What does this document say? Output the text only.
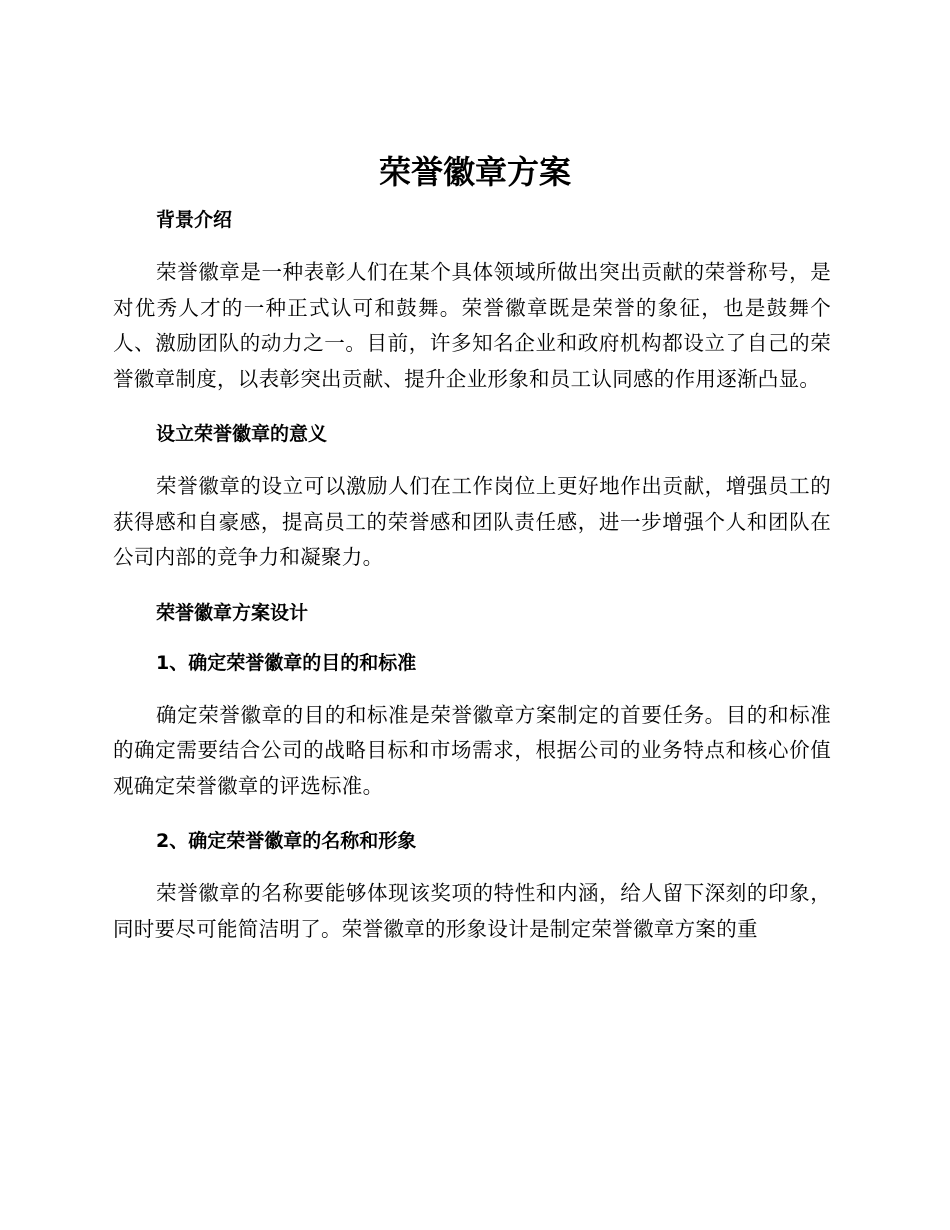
荣誉徽章方案
背景介绍

荣誉徽章是一种表彰人们在某个具体领域所做出突出贡献的荣誉称号，是对优秀人才的一种正式认可和鼓舞。荣誉徽章既是荣誉的象征，也是鼓舞个人、激励团队的动力之一。目前，许多知名企业和政府机构都设立了自己的荣誉徽章制度，以表彰突出贡献、提升企业形象和员工认同感的作用逐渐凸显。

设立荣誉徽章的意义

荣誉徽章的设立可以激励人们在工作岗位上更好地作出贡献，增强员工的获得感和自豪感，提高员工的荣誉感和团队责任感，进一步增强个人和团队在公司内部的竞争力和凝聚力。

荣誉徽章方案设计
1、确定荣誉徽章的目的和标准

确定荣誉徽章的目的和标准是荣誉徽章方案制定的首要任务。目的和标准的确定需要结合公司的战略目标和市场需求，根据公司的业务特点和核心价值观确定荣誉徽章的评选标准。

2、确定荣誉徽章的名称和形象

荣誉徽章的名称要能够体现该奖项的特性和内涵，给人留下深刻的印象，同时要尽可能简洁明了。荣誉徽章的形象设计是制定荣誉徽章方案的重
